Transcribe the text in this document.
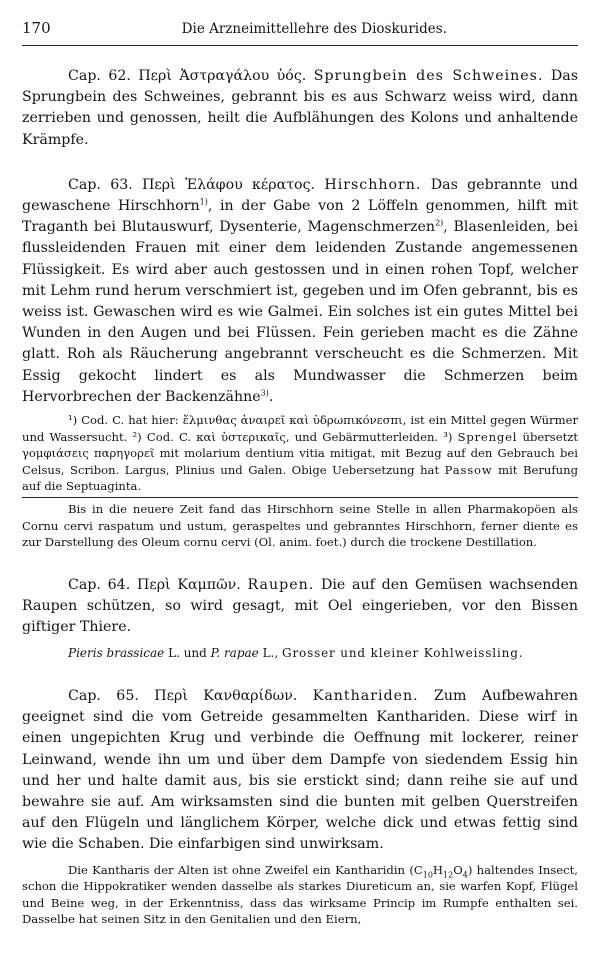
170	Die Arzneimittellehre des Dioskurides.

Cap. 62. Περὶ Ἀστραγάλου ὑός. Sprungbein des Schweines. Das Sprungbein des Schweines, gebrannt bis es aus Schwarz weiss wird, dann zerrieben und genossen, heilt die Aufblähungen des Kolons und anhaltende Krämpfe.

Cap. 63. Περὶ Ἐλάφου κέρατος. Hirschhorn. Das gebrannte und gewaschene Hirschhorn$^{1)}$, in der Gabe von 2 Löffeln genommen, hilft mit Traganth bei Blutauswurf, Dysenterie, Magenschmerzen$^{2)}$, Blasenleiden, bei flussleidenden Frauen mit einer dem leidenden Zustande angemessenen Flüssigkeit. Es wird aber auch gestossen und in einen rohen Topf, welcher mit Lehm rund herum verschmiert ist, gegeben und im Ofen gebrannt, bis es weiss ist. Gewaschen wird es wie Galmei. Ein solches ist ein gutes Mittel bei Wunden in den Augen und bei Flüssen. Fein gerieben macht es die Zähne glatt. Roh als Räucherung angebrannt verscheucht es die Schmerzen. Mit Essig gekocht lindert es als Mundwasser die Schmerzen beim Hervorbrechen der Backenzähne$^{3)}$.

¹) Cod. C. hat hier: ἕλμινθας ἀναιρεῖ καὶ ὑδρωπικόνεσπι, ist ein Mittel gegen Würmer und Wassersucht. ²) Cod. C. καὶ ὑστερικαῖς, und Gebärmutterleiden. ³) Sprengel übersetzt γομφιάσεις παρηγορεῖ mit molarium dentium vitia mitigat, mit Bezug auf den Gebrauch bei Celsus, Scribon. Largus, Plinius und Galen. Obige Uebersetzung hat Passow mit Berufung auf die Septuaginta.

Bis in die neuere Zeit fand das Hirschhorn seine Stelle in allen Pharmakopöen als Cornu cervi raspatum und ustum, geraspeltes und gebranntes Hirschhorn, ferner diente es zur Darstellung des Oleum cornu cervi (Ol. anim. foet.) durch die trockene Destillation.

Cap. 64. Περὶ Καμπῶν. Raupen. Die auf den Gemüsen wachsenden Raupen schützen, so wird gesagt, mit Oel eingerieben, vor den Bissen giftiger Thiere.

Pieris brassicae L. und P. rapae L., Grosser und kleiner Kohlweissling.

Cap. 65. Περὶ Κανθαρίδων. Kanthariden. Zum Aufbewahren geeignet sind die vom Getreide gesammelten Kanthariden. Diese wirf in einen ungepichten Krug und verbinde die Oeffnung mit lockerer, reiner Leinwand, wende ihn um und über dem Dampfe von siedendem Essig hin und her und halte damit aus, bis sie erstickt sind; dann reihe sie auf und bewahre sie auf. Am wirksamsten sind die bunten mit gelben Querstreifen auf den Flügeln und länglichem Körper, welche dick und etwas fettig sind wie die Schaben. Die einfarbigen sind unwirksam.

Die Kantharis der Alten ist ohne Zweifel ein Kantharidin $(C_{10}H_{12}O_4)$ haltendes Insect, schon die Hippokratiker wenden dasselbe als starkes Diureticum an, sie warfen Kopf, Flügel und Beine weg, in der Erkenntniss, dass das wirksame Princip im Rumpfe enthalten sei. Dasselbe hat seinen Sitz in den Genitalien und den Eiern,
